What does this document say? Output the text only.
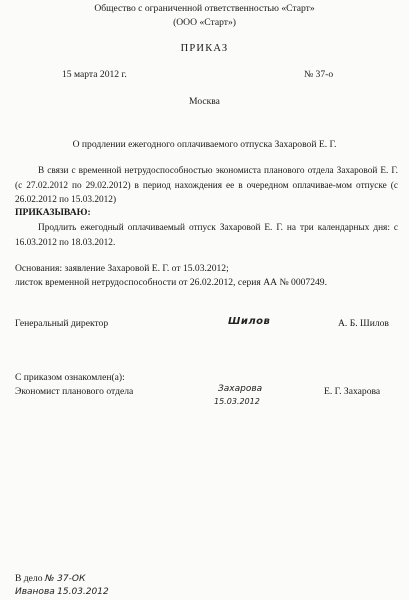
Общество с ограниченной ответственностью «Старт»
(ООО «Старт»)
ПРИКАЗ
15 марта 2012 г.	№ 37-о
Москва
О продлении ежегодного оплачиваемого отпуска Захаровой Е. Г.
В связи с временной нетрудоспособностью экономиста планового отдела Захаровой Е. Г. (с 27.02.2012 по 29.02.2012) в период нахождения ее в очередном оплачивае-мом отпуске (с 26.02.2012 по 15.03.2012)
ПРИКАЗЫВАЮ:
Продлить ежегодный оплачиваемый отпуск Захаровой Е. Г. на три календарных дня: с 16.03.2012 по 18.03.2012.
Основания: заявление Захаровой Е. Г. от 15.03.2012;
листок временной нетрудоспособности от 26.02.2012, серия АА № 0007249.
Генеральный директор	Шилов	А. Б. Шилов
С приказом ознакомлен(а):
Экономист планового отдела	Захарова
15.03.2012
Е. Г. Захарова
В дело № 37-ОК
Иванова 15.03.2012
